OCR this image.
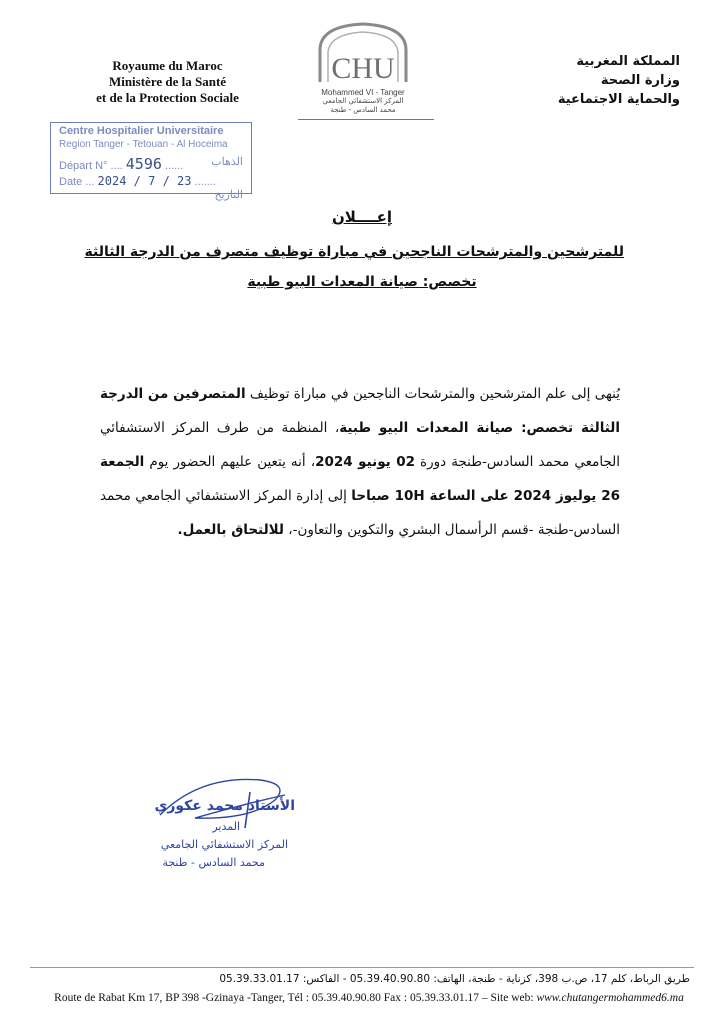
Royaume du Maroc
Ministère de la Santé
et de la Protection Sociale
CHU
Mohammed VI - Tanger
المركز الاستشفائي الجامعي
محمد السادس - طنجة
المملكة المغربية
وزارة الصحة
والحماية الاجتماعية
Centre Hospitalier Universitaire
Region Tanger - Tetouan - Al Hoceima
Départ N° .... 4596 ......	الذهاب
Date ... 2024 / 7 / 23 .......
التاريخ
إعــــلان
للمترشحين والمترشحات الناجحين في مباراة توظيف متصرف من الدرجة الثالثة
تخصص: صيانة المعدات البيو طبية
يُنهى إلى علم المترشحين والمترشحات الناجحين في مباراة توظيف المتصرفين من الدرجة الثالثة تخصص: صيانة المعدات البيو طبية، المنظمة من طرف المركز الاستشفائي الجامعي محمد السادس-طنجة دورة 02 يونيو 2024، أنه يتعين عليهم الحضور يوم الجمعة 26 يوليوز 2024 على الساعة 10H صباحا إلى إدارة المركز الاستشفائي الجامعي محمد السادس-طنجة -قسم الرأسمال البشري والتكوين والتعاون-، للالتحاق بالعمل.
الأستاذ محمد عكوري
المدير
المركز الاستشفائي الجامعي
محمد السادس - طنجة
طريق الرباط، كلم 17، ص.ب 398، كزناية - طنجة، الهاتف: 05.39.40.90.80 - الفاكس: 05.39.33.01.17
Route de Rabat Km 17, BP 398 -Gzinaya -Tanger, Tél : 05.39.40.90.80 Fax : 05.39.33.01.17 – Site web: www.chutangermohammed6.ma
